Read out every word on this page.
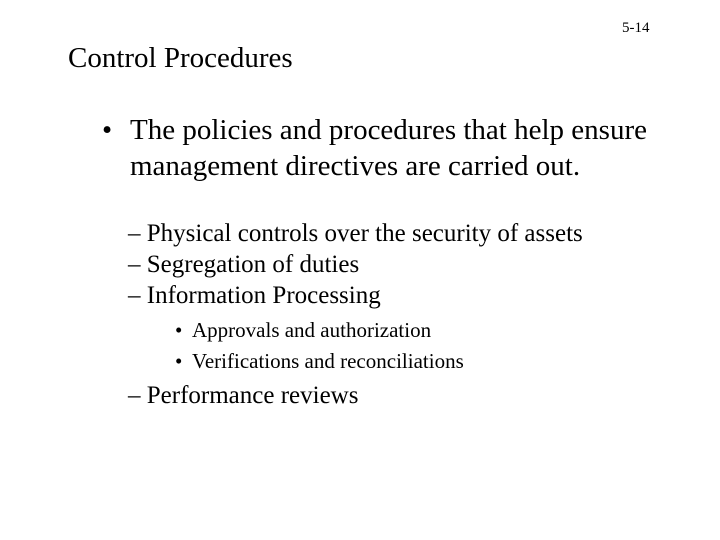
5-14
Control Procedures
• The policies and procedures that help ensure management directives are carried out.
– Physical controls over the security of assets
– Segregation of duties
– Information Processing
• Approvals and authorization
• Verifications and reconciliations
– Performance reviews
